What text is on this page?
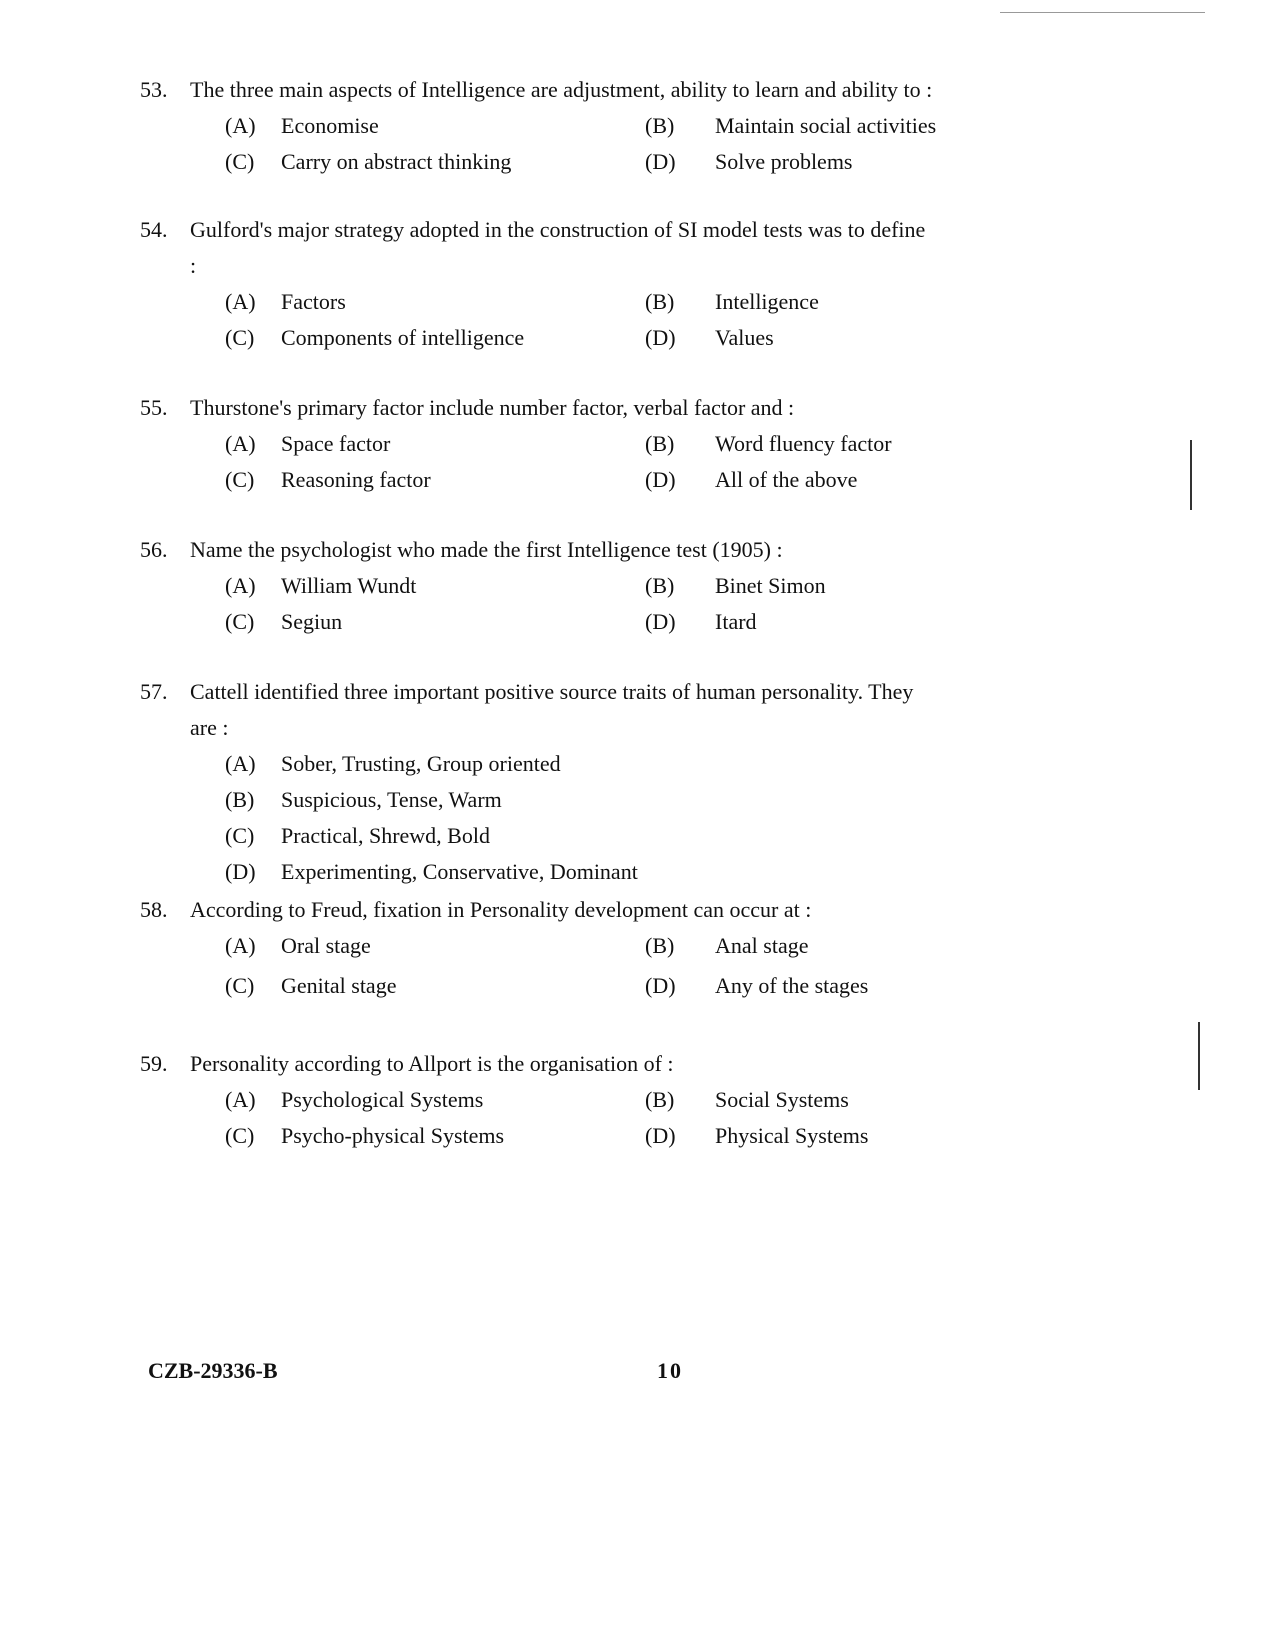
53.	The three main aspects of Intelligence are adjustment, ability to learn and ability to :
(A) Economise	(B) Maintain social activities
(C) Carry on abstract thinking	(D) Solve problems
54.	Gulford's major strategy adopted in the construction of SI model tests was to define :
(A) Factors	(B) Intelligence
(C) Components of intelligence	(D) Values
55.	Thurstone's primary factor include number factor, verbal factor and :
(A) Space factor	(B) Word fluency factor
(C) Reasoning factor	(D) All of the above
56.	Name the psychologist who made the first Intelligence test (1905) :
(A) William Wundt	(B) Binet Simon
(C) Segiun	(D) Itard
57.	Cattell identified three important positive source traits of human personality. They are :
(A) Sober, Trusting, Group oriented
(B) Suspicious, Tense, Warm
(C) Practical, Shrewd, Bold
(D) Experimenting, Conservative, Dominant
58.	According to Freud, fixation in Personality development can occur at :
(A) Oral stage	(B) Anal stage
(C) Genital stage	(D) Any of the stages
59.	Personality according to Allport is the organisation of :
(A) Psychological Systems	(B) Social Systems
(C) Psycho-physical Systems	(D) Physical Systems
CZB-29336-B	10
